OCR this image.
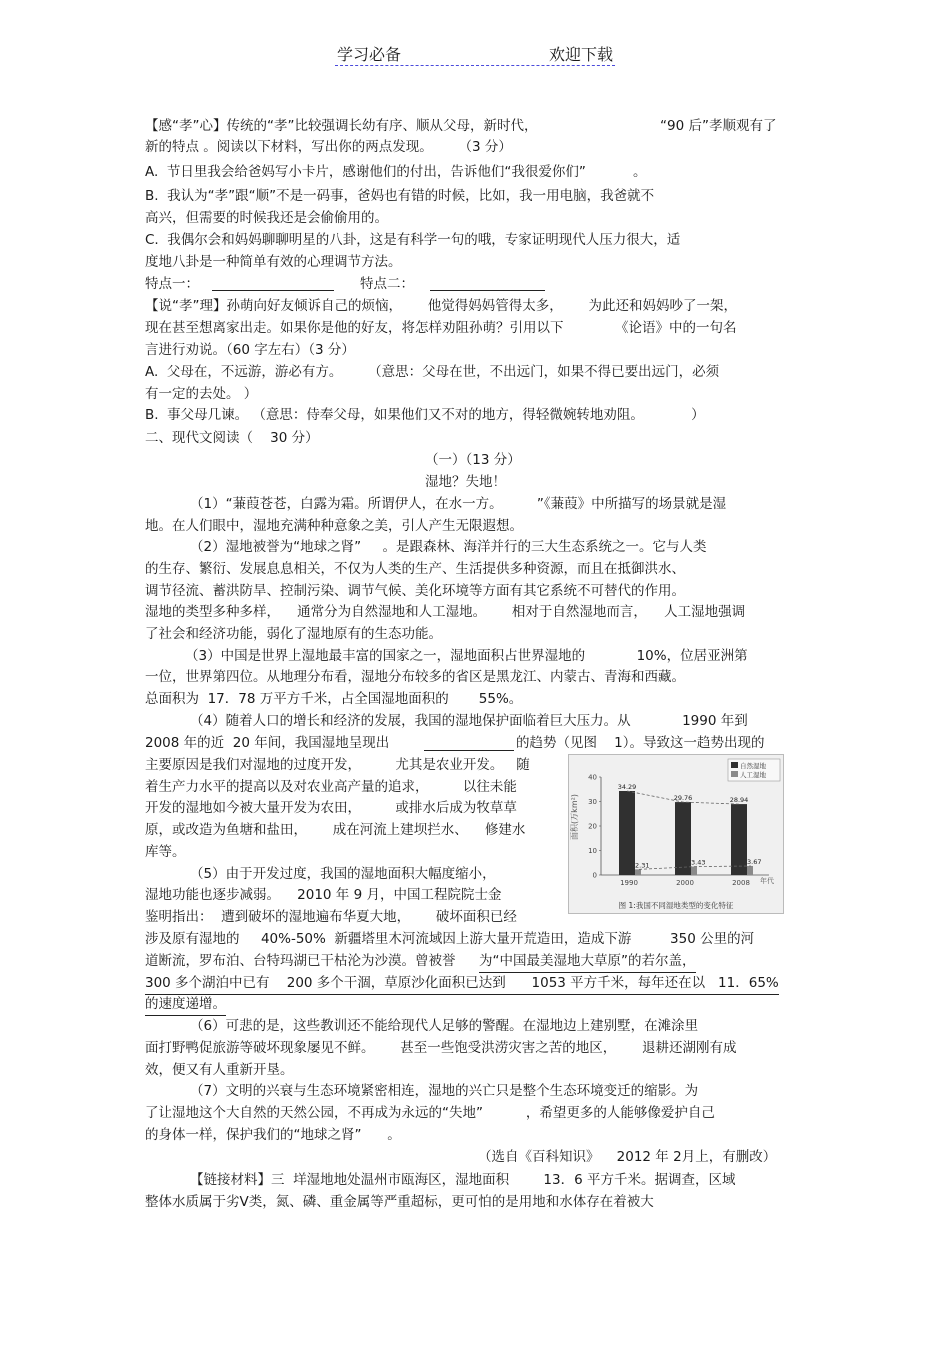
学习必备	欢迎下载
【感“孝”心】传统的“孝”比较强调长幼有序、顺从父母，新时代，	“90 后”孝顺观有了
新的特点 。阅读以下材料，写出你的两点发现。      （3 分）
A.  节日里我会给爸妈写小卡片，感谢他们的付出，告诉他们“我很爱你们”           。
B.  我认为“孝”跟“顺”不是一码事，爸妈也有错的时候，比如，我一用电脑，我爸就不
高兴，但需要的时候我还是会偷偷用的。
C.  我偶尔会和妈妈聊聊明星的八卦，这是有科学一句的哦，专家证明现代人压力很大，适
度地八卦是一种简单有效的心理调节方法。
特点一：	特点二：
【说“孝”理】孙萌向好友倾诉自己的烦恼，      他觉得妈妈管得太多，      为此还和妈妈吵了一架，
现在甚至想离家出走。如果你是他的好友，将怎样劝阻孙萌？引用以下            《论语》中的一句名
言进行劝说。（60 字左右）（3 分）
A.  父母在，不远游，游必有方。      （意思：父母在世，不出远门，如果不得已要出远门，必须
有一定的去处。 ）
B.  事父母几谏。 （意思：侍奉父母，如果他们又不对的地方，得轻微婉转地劝阻。           ）
二、现代文阅读（    30 分）
（一）（13 分）
湿地？失地！
（1）“蒹葭苍苍，白露为霜。所谓伊人，在水一方。        ”《蒹葭》中所描写的场景就是湿
地。在人们眼中，湿地充满种种意象之美，引人产生无限遐想。
（2）湿地被誉为“地球之肾”     。是跟森林、海洋并行的三大生态系统之一。它与人类
的生存、繁衍、发展息息相关，不仅为人类的生产、生活提供多种资源，而且在抵御洪水、
调节径流、蓄洪防旱、控制污染、调节气候、美化环境等方面有其它系统不可替代的作用。
湿地的类型多种多样，    通常分为自然湿地和人工湿地。      相对于自然湿地而言，    人工湿地强调
了社会和经济功能，弱化了湿地原有的生态功能。
（3）中国是世界上湿地最丰富的国家之一，湿地面积占世界湿地的            10%，位居亚洲第
一位，世界第四位。从地理分布看，湿地分布较多的省区是黑龙江、内蒙古、青海和西藏。
总面积为  17．78 万平方千米，占全国湿地面积的       55%。
（4）随着人口的增长和经济的发展，我国的湿地保护面临着巨大压力。从            1990 年到
2008 年的近  20 年间，我国湿地呈现出	的趋势（见图    1）。导致这一趋势出现的
主要原因是我们对湿地的过度开发，        尤其是农业开发。   随
着生产力水平的提高以及对农业高产量的追求，        以往未能
开发的湿地如今被大量开发为农田，        或排水后成为牧草草
原，或改造为鱼塘和盐田，      成在河流上建坝拦水、    修建水
库等。
（5）由于开发过度，我国的湿地面积大幅度缩小，
湿地功能也逐步减弱。    2010 年 9 月，中国工程院院士金
鉴明指出：  遭到破坏的湿地遍布华夏大地，      破坏面积已经
涉及原有湿地的     40%-50%  新疆塔里木河流域因上游大量开荒造田，造成下游         350 公里的河
道断流，罗布泊、台特玛湖已干枯沦为沙漠。曾被誉 为“中国最美湿地大草原”的若尔盖，
300 多个湖泊中已有    200 多个干涸，草原沙化面积已达到      1053 平方千米，每年还在以   11．65%
的速度递增。
（6）可悲的是，这些教训还不能给现代人足够的警醒。在湿地边上建别墅，在滩涂里
面打野鸭促旅游等破坏现象屡见不鲜。      甚至一些饱受洪涝灾害之苦的地区，      退耕还湖刚有成
效，便又有人重新开垦。
（7）文明的兴衰与生态环境紧密相连，湿地的兴亡只是整个生态环境变迁的缩影。为
了让湿地这个大自然的天然公园，不再成为永远的“失地”          ，希望更多的人能够像爱护自己
的身体一样，保护我们的“地球之肾”      。
（选自《百科知识》    2012 年 2月上，有删改）
【链接材料】三  垟湿地地处温州市瓯海区，湿地面积        13．6 平方千米。据调查，区域
整体水质属于劣Ⅴ类，氮、磷、重金属等严重超标，更可怕的是用地和水体存在着被大
面积(万km²)
年代
自然湿地
人工湿地
图 1:我国不同湿地类型的变化特征
0
10
20
30
40
34.29
29.76	28.94
2.31	3.43	3.67
1990	2000	2008
